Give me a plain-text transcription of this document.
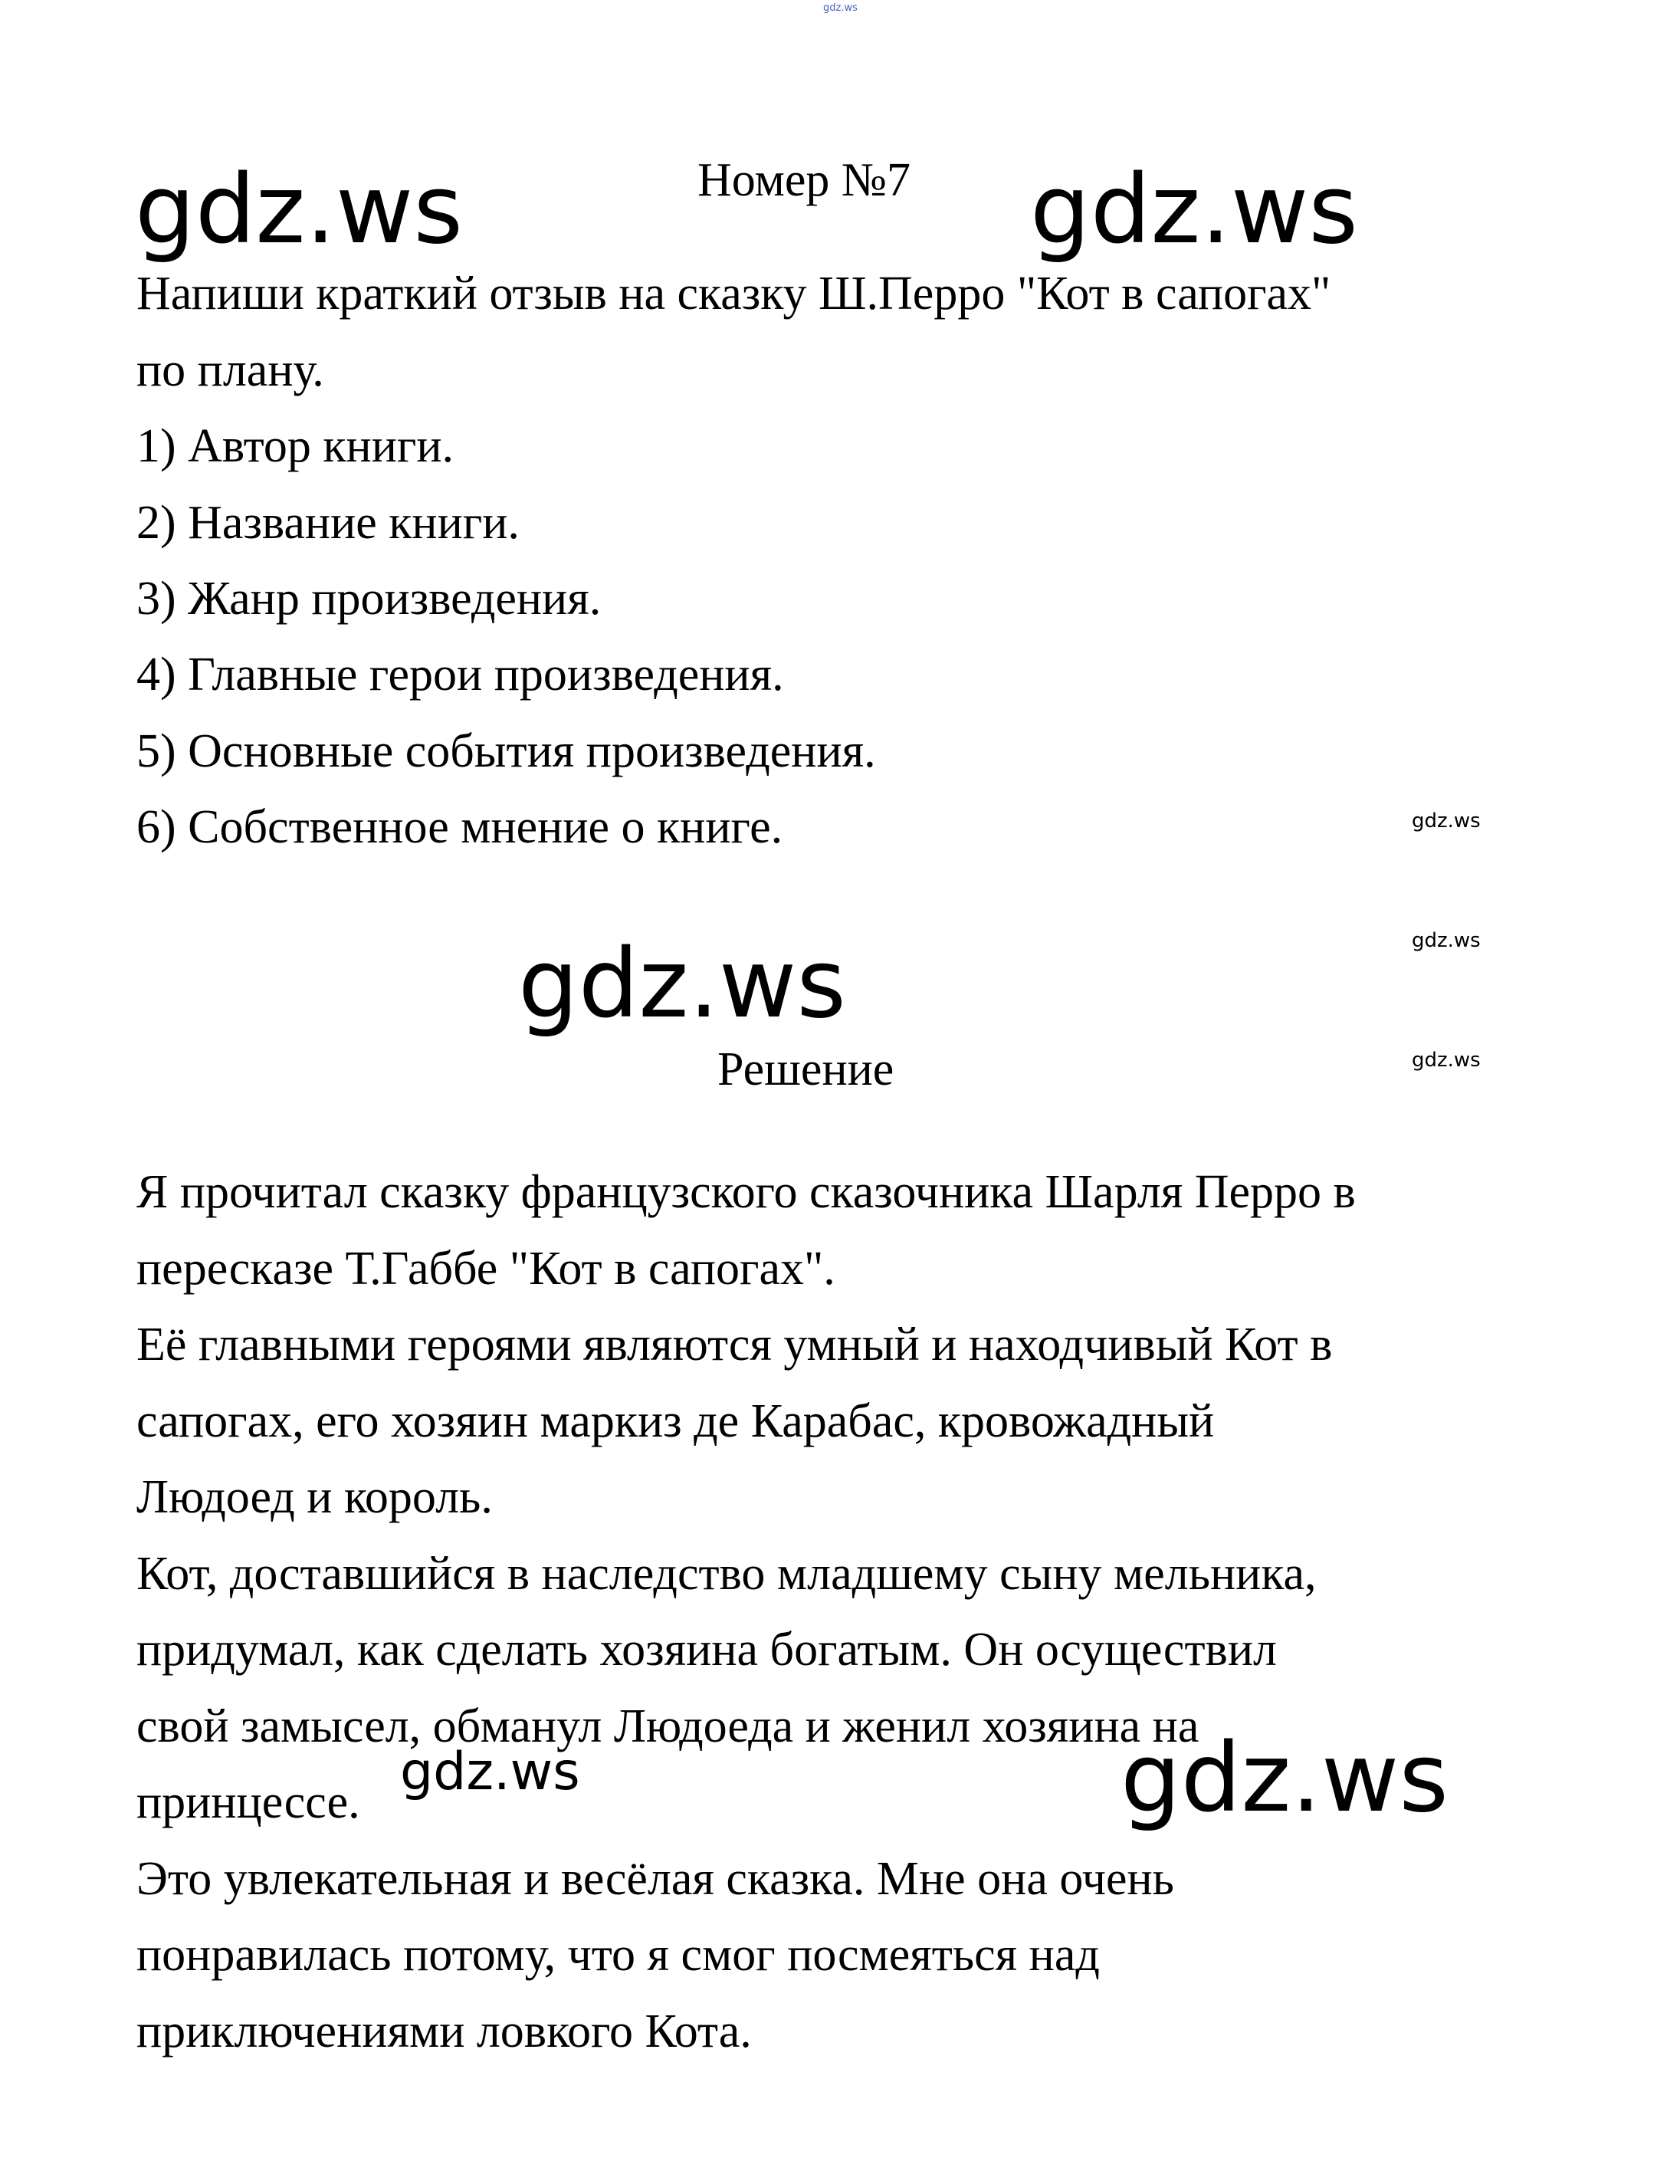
gdz.ws
Номер №7
gdz.ws	gdz.ws
gdz.ws
gdz.ws
gdz.ws
gdz.ws
gdz.ws
gdz.ws
Напиши краткий отзыв на сказку Ш.Перро "Кот в сапогах"
по плану.
1) Автор книги.
2) Название книги.
3) Жанр произведения.
4) Главные герои произведения.
5) Основные события произведения.
6) Собственное мнение о книге.
Решение
Я прочитал сказку французского сказочника Шарля Перро в
пересказе Т.Габбе "Кот в сапогах".
Её главными героями являются умный и находчивый Кот в
сапогах, его хозяин маркиз де Карабас, кровожадный
Людоед и король.
Кот, доставшийся в наследство младшему сыну мельника,
придумал, как сделать хозяина богатым. Он осуществил
свой замысел, обманул Людоеда и женил хозяина на
принцессе.
Это увлекательная и весёлая сказка. Мне она очень
понравилась потому, что я смог посмеяться над
приключениями ловкого Кота.
